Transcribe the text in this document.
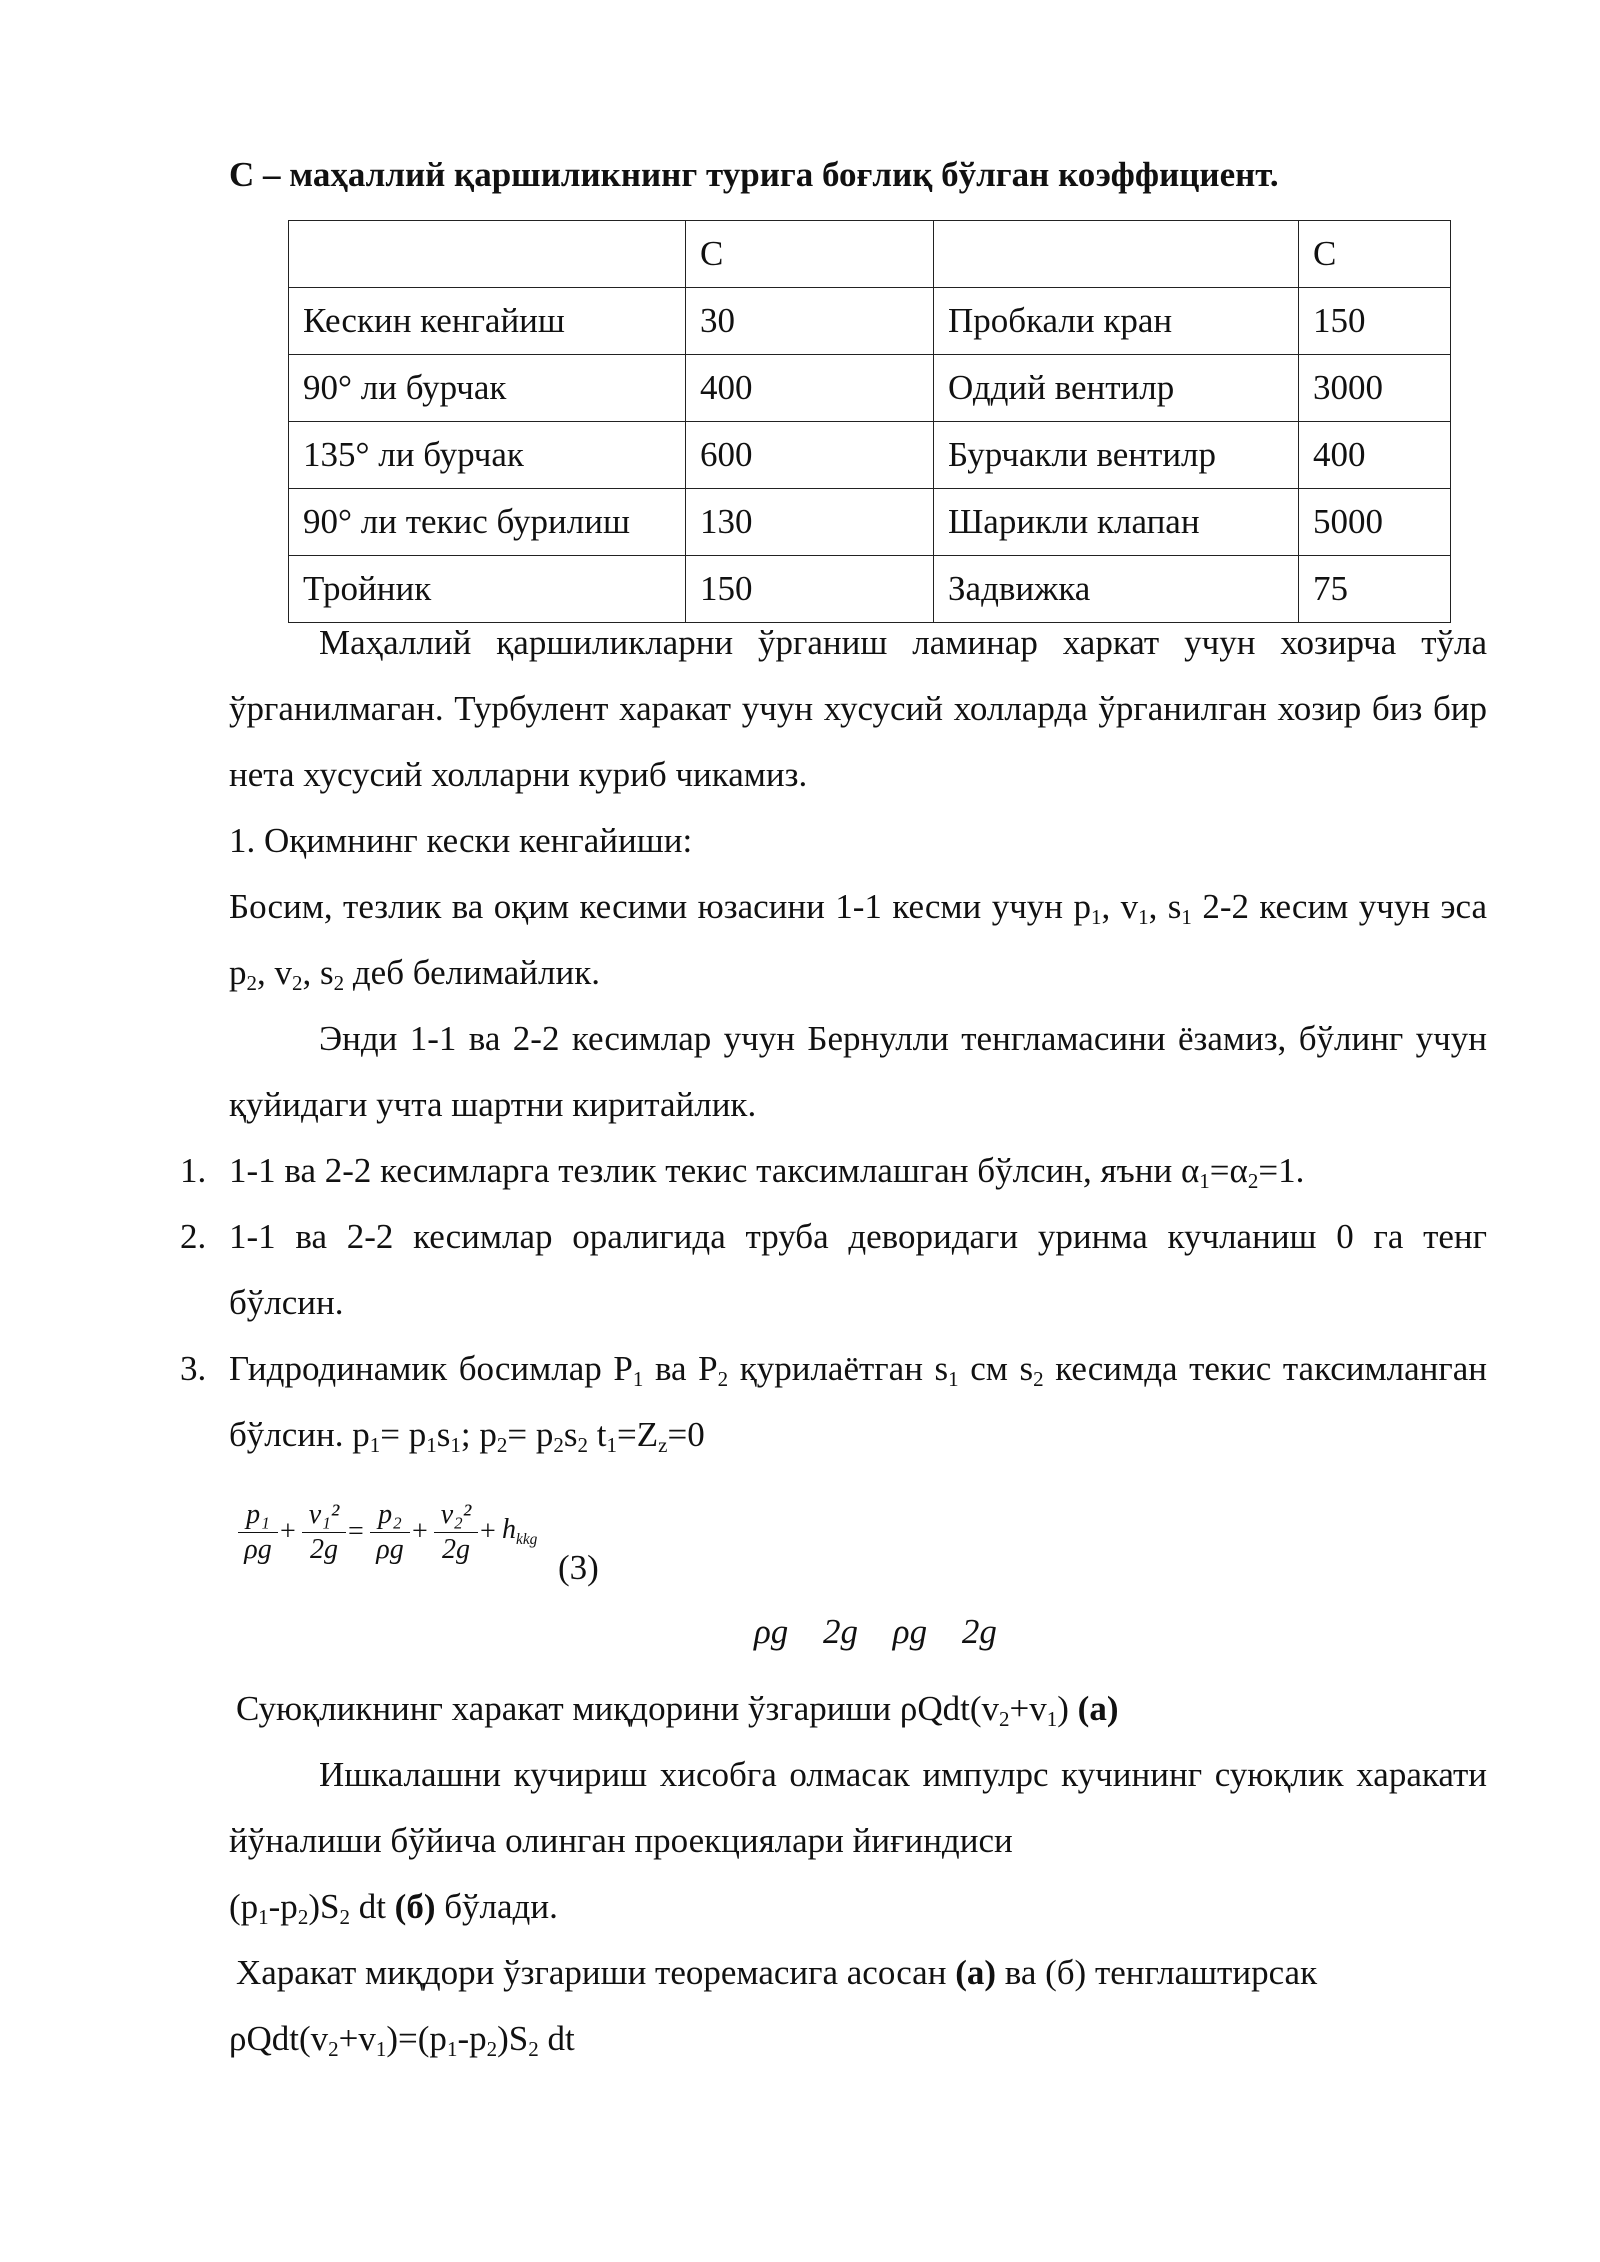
С – маҳаллий қаршиликнинг турига боғлиқ бўлган коэффициент.
	C		C
Кескин кенгайиш	30	Пробкали кран	150
90° ли бурчак	400	Оддий вентилр	3000
135° ли бурчак	600	Бурчакли вентилр	400
90° ли текис бурилиш	130	Шарикли клапан	5000
Тройник	150	Задвижка	75
Маҳаллий қаршиликларни ўрганиш ламинар харкат учун хозирча тўла ўрганилмаган. Турбулент харакат учун хусусий холларда ўрганилган хозир биз бир нета хусусий холларни куриб чикамиз.
1. Оқимнинг кески кенгайиши:
Босим, тезлик ва оқим кесими юзасини 1-1 кесми учун $p_1$, $v_1$, $s_1$ 2-2 кесим учун эса $p_2$, $v_2$, $s_2$ деб белимайлик.
Энди 1-1 ва 2-2 кесимлар учун Бернулли тенгламасини ёзамиз, бўлинг учун қуйидаги учта шартни киритайлик.
1. 1-1 ва 2-2 кесимларга тезлик текис таксимлашган бўлсин, яъни $\alpha_1=\alpha_2=1$.
2. 1-1 ва 2-2 кесимлар оралигида труба деворидаги уринма кучланиш 0 га тенг бўлсин.
3. Гидродинамик босимлар $P_1$ ва $P_2$ қурилаётган $s_1$ см $s_2$ кесимда текис таксимланган бўлсин. $p_1= p_1s_1$; $p_2= p_2s_2$ $t_1=Z_z=0$
$\frac{\text{p₁}}{\rho g} + \frac{\text{v₁²}}{2g} = \frac{\text{p₂}}{\rho g} + \frac{\text{v₂²}}{2g} + h_{kkg}$
(3)
ρg 2g ρg 2g
Суюқликнинг харакат миқдорини ўзгариши $\rho Qdt(v_2+v_1)$ (а)
Ишкалашни кучириш хисобга олмасак импулрс кучининг суюқлик харакати йўналиши бўйича олинган проекциялари йиғиндиси
$(p_1-p_2)S_2$ dt (б) бўлади.
Харакат миқдори ўзгариши теоремасига асосан (а) ва (б) тенглаштирсак
$\rho Qdt(v_2+v_1)=(p_1-p_2)S_2$ dt
